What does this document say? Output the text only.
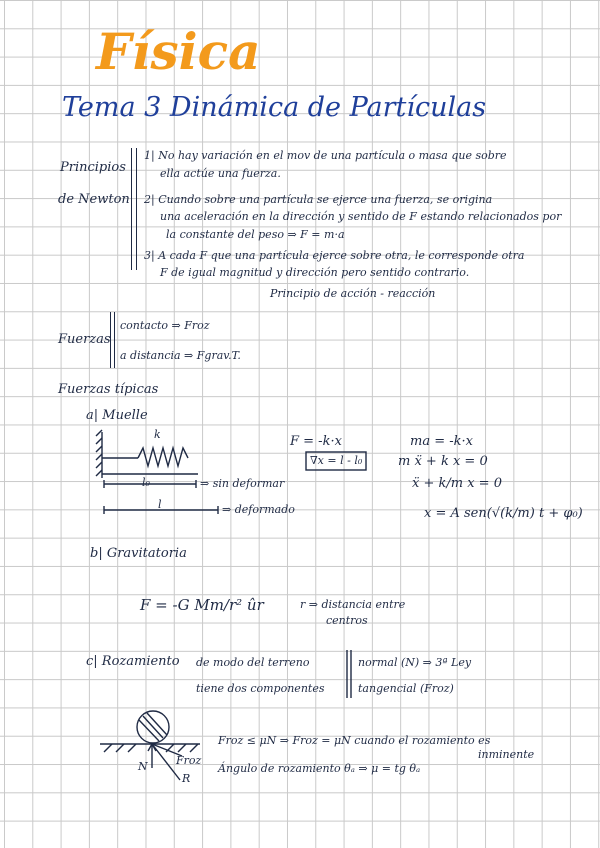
Física
Tema 3 Dinámica de Partículas
Principios
de Newton
1| No hay variación en el mov de una partícula o masa que sobre
ella actúe una fuerza.
2| Cuando sobre una partícula se ejerce una fuerza, se origina
una aceleración en la dirección y sentido de F estando relacionados por
la constante del peso ⇒ F = m·a
3| A cada F que una partícula ejerce sobre otra, le corresponde otra
F de igual magnitud y dirección pero sentido contrario.
Principio de acción - reacción
Fuerzas
contacto ⇒ Froz
a distancia ⇒ Fgrav.T.
Fuerzas típicas
a| Muelle
k
l₀	⇒ sin deformar
l	⇒ deformado
F = -k·x
∇x = l - l₀
ma = -k·x
m ẍ + k x = 0
ẍ + k/m x = 0
x = A sen(√(k/m) t + φ₀)
b| Gravitatoria
F = -G Mm/r² ûr	r ⇒ distancia entre
centros
c| Rozamiento de modo del terreno
tiene dos componentes
normal (N) ⇒ 3ª Ley
tangencial (Froz)
N	Froz
R
Froz ≤ μN ⇒ Froz = μN cuando el rozamiento es
inminente
Ángulo de rozamiento θₐ ⇒ μ = tg θₐ
